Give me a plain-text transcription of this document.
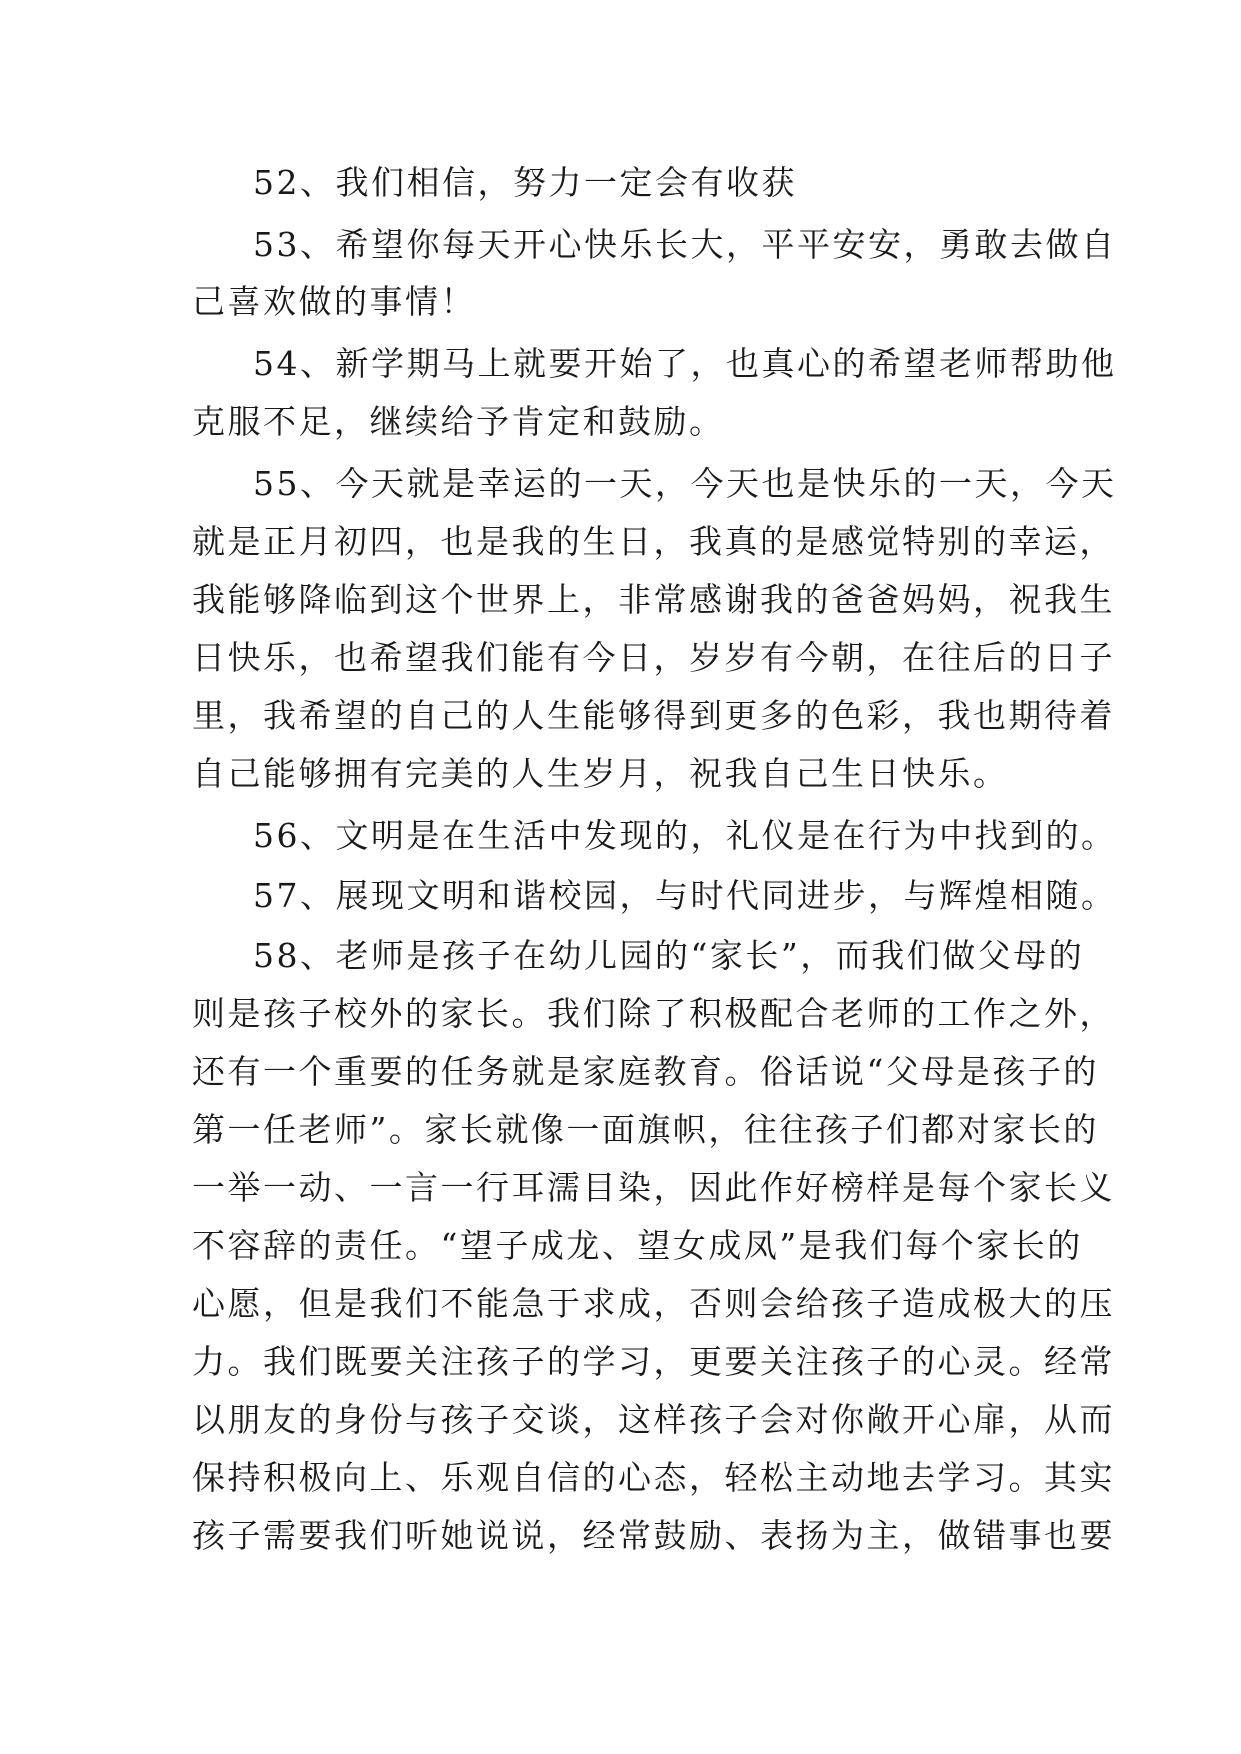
52、我们相信，努力一定会有收获
53、希望你每天开心快乐长大，平平安安，勇敢去做自
己喜欢做的事情！
54、新学期马上就要开始了，也真心的希望老师帮助他
克服不足，继续给予肯定和鼓励。
55、今天就是幸运的一天，今天也是快乐的一天，今天
就是正月初四，也是我的生日，我真的是感觉特别的幸运，
我能够降临到这个世界上，非常感谢我的爸爸妈妈，祝我生
日快乐，也希望我们能有今日，岁岁有今朝，在往后的日子
里，我希望的自己的人生能够得到更多的色彩，我也期待着
自己能够拥有完美的人生岁月，祝我自己生日快乐。
56、文明是在生活中发现的，礼仪是在行为中找到的。
57、展现文明和谐校园，与时代同进步，与辉煌相随。
58、老师是孩子在幼儿园的“家长”，而我们做父母的
则是孩子校外的家长。我们除了积极配合老师的工作之外，
还有一个重要的任务就是家庭教育。俗话说“父母是孩子的
第一任老师”。家长就像一面旗帜，往往孩子们都对家长的
一举一动、一言一行耳濡目染，因此作好榜样是每个家长义
不容辞的责任。“望子成龙、望女成凤”是我们每个家长的
心愿，但是我们不能急于求成，否则会给孩子造成极大的压
力。我们既要关注孩子的学习，更要关注孩子的心灵。经常
以朋友的身份与孩子交谈，这样孩子会对你敞开心扉，从而
保持积极向上、乐观自信的心态，轻松主动地去学习。其实
孩子需要我们听她说说，经常鼓励、表扬为主，做错事也要
